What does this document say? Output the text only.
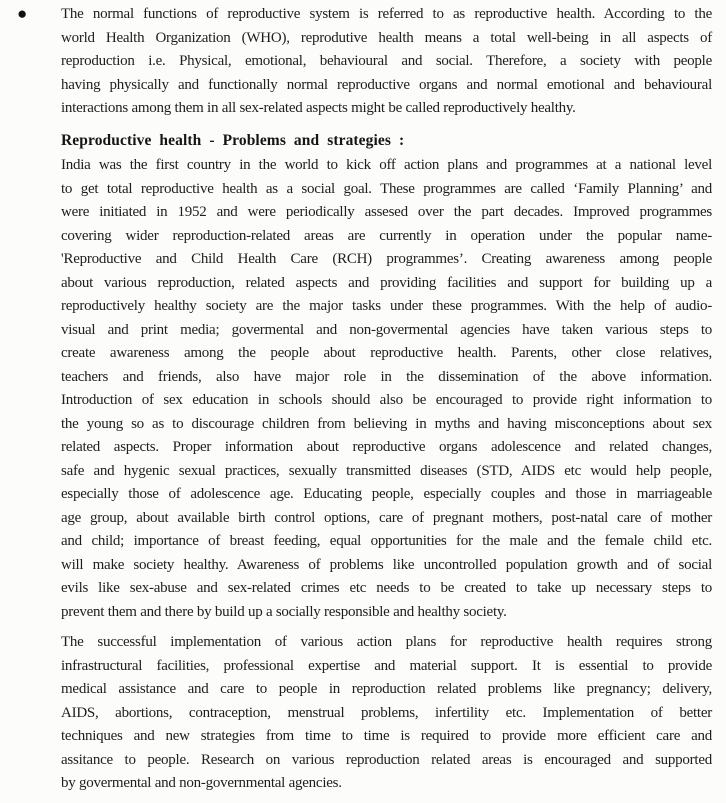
● The normal functions of reproductive system is referred to as reproductive health. According to the
world Health Organization (WHO), reprodutive health means a total well-being in all aspects of
reproduction i.e. Physical, emotional, behavioural and social. Therefore, a society with people
having physically and functionally normal reproductive organs and normal emotional and behavioural
interactions among them in all sex-related aspects might be called reproductively healthy.
Reproductive health - Problems and strategies :
India was the first country in the world to kick off action plans and programmes at a national level
to get total reproductive health as a social goal. These programmes are called ‘Family Planning’ and
were initiated in 1952 and were periodically assesed over the part decades. Improved programmes
covering wider reproduction-related areas are currently in operation under the popular name-
'Reproductive and Child Health Care (RCH) programmes’. Creating awareness among people
about various reproduction, related aspects and providing facilities and support for building up a
reproductively healthy society are the major tasks under these programmes. With the help of audio-
visual and print media; govermental and non-govermental agencies have taken various steps to
create awareness among the people about reproductive health. Parents, other close relatives,
teachers and friends, also have major role in the dissemination of the above information.
Introduction of sex education in schools should also be encouraged to provide right information to
the young so as to discourage children from believing in myths and having misconceptions about sex
related aspects. Proper information about reproductive organs adolescence and related changes,
safe and hygenic sexual practices, sexually transmitted diseases (STD, AIDS etc would help people,
especially those of adolescence age. Educating people, especially couples and those in marriageable
age group, about available birth control options, care of pregnant mothers, post-natal care of mother
and child; importance of breast feeding, equal opportunities for the male and the female child etc.
will make society healthy. Awareness of problems like uncontrolled population growth and of social
evils like sex-abuse and sex-related crimes etc needs to be created to take up necessary steps to
prevent them and there by build up a socially responsible and healthy society.
The successful implementation of various action plans for reproductive health requires strong
infrastructural facilities, professional expertise and material support. It is essential to provide
medical assistance and care to people in reproduction related problems like pregnancy; delivery,
AIDS, abortions, contraception, menstrual problems, infertility etc. Implementation of better
techniques and new strategies from time to time is required to provide more efficient care and
assitance to people. Research on various reproduction related areas is encouraged and supported
by govermental and non-governmental agencies.
